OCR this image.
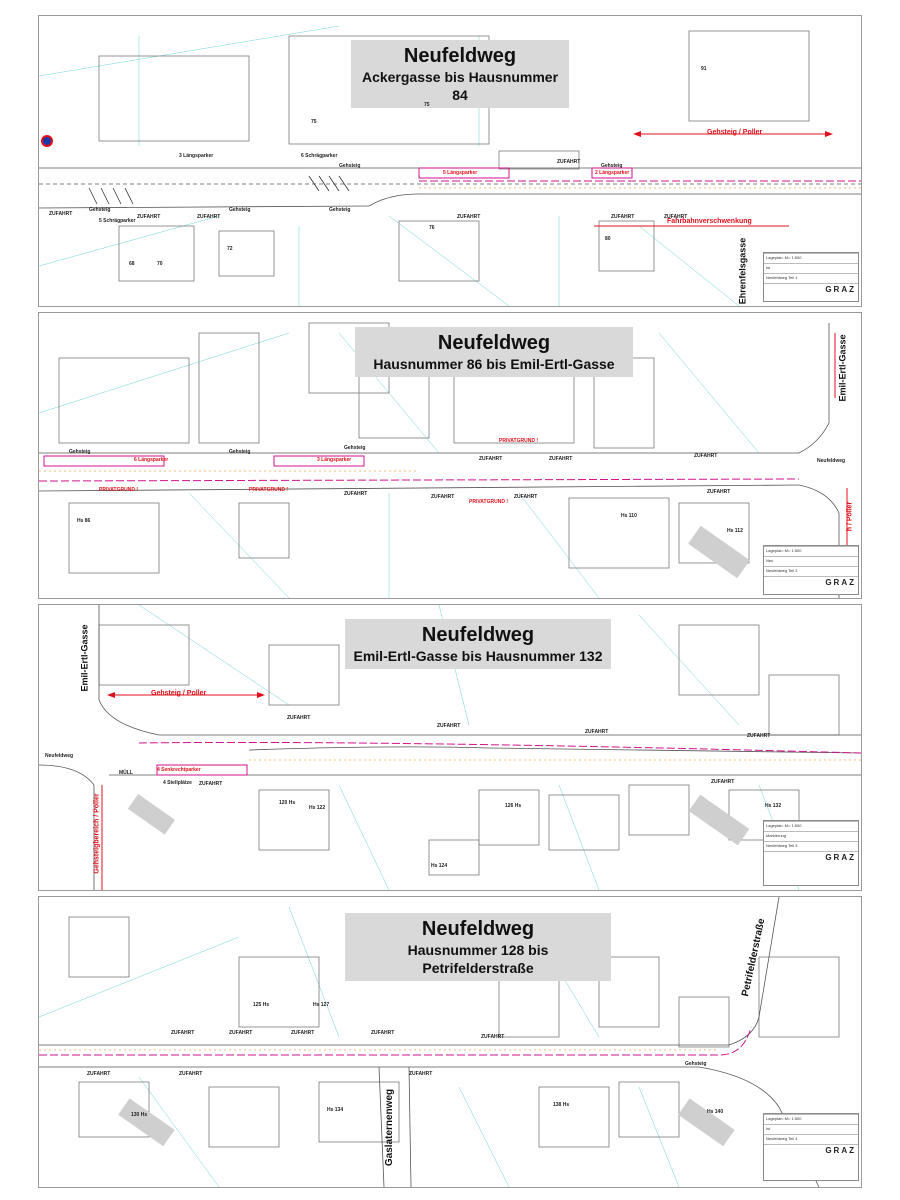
Neufeldweg
Ackergasse bis Hausnummer 84
Gehsteig / Poller
Fahrbahnverschwenkung
Ehrenfelsgasse
3 Längsparker	6 Schrägparker
5 Schrägparker
5 Längsparker	2 Längsparker
Gehsteig
Gehsteig	Gehsteig	Gehsteig
Gehsteig
ZUFAHRT	ZUFAHRT	ZUFAHRT	ZUFAHRT
ZUFAHRT
ZUFAHRT	ZUFAHRT
75
75
91
76
80
72
70
68
Lageplan: M= 1:500
Ist
Neufeldweg Teil 1
GRAZ
Neufeldweg
Hausnummer 86 bis Emil-Ertl-Gasse	Emil-Ertl-Gasse
6 Längsparker	3 Längsparker
PRIVATGRUND !
PRIVATGRUND !	PRIVATGRUND !
PRIVATGRUND !
Gehsteig	Gehsteig
Gehsteig
ZUFAHRT	ZUFAHRT	ZUFAHRT
ZUFAHRT	ZUFAHRT	ZUFAHRT
ZUFAHRT
Neufeldweg
h / Poller
Hs 110
Hs 112
Hs 86
Lageplan: M= 1:500
Neu
Neufeldweg Teil 2
GRAZ
Neufeldweg
Emil-Ertl-Gasse bis Hausnummer 132
Emil-Ertl-Gasse
Gehsteig / Poller
Gehsteigbereich / Poller
4 Senkrechtparker
4 Stellplätze
MÜLL
Neufeldweg
ZUFAHRT
ZUFAHRT
ZUFAHRT
ZUFAHRT
ZUFAHRT	ZUFAHRT
120 Hs
Hs 122
Hs 124
126 Hs	Hs 132
Lageplan: M= 1:500
Markierung
Neufeldweg Teil 3
GRAZ
Neufeldweg
Hausnummer 128 bis Petrifelderstraße	Petrifelderstraße
Gaslaternenweg
ZUFAHRT	ZUFAHRT	ZUFAHRT	ZUFAHRT
ZUFAHRT
ZUFAHRT	ZUFAHRT	ZUFAHRT
Gehsteig
125 Hs	Hs 127
130 Hs
Hs 134
138 Hs
Hs 140
Lageplan: M= 1:500
Ist
Neufeldweg Teil 4
GRAZ
